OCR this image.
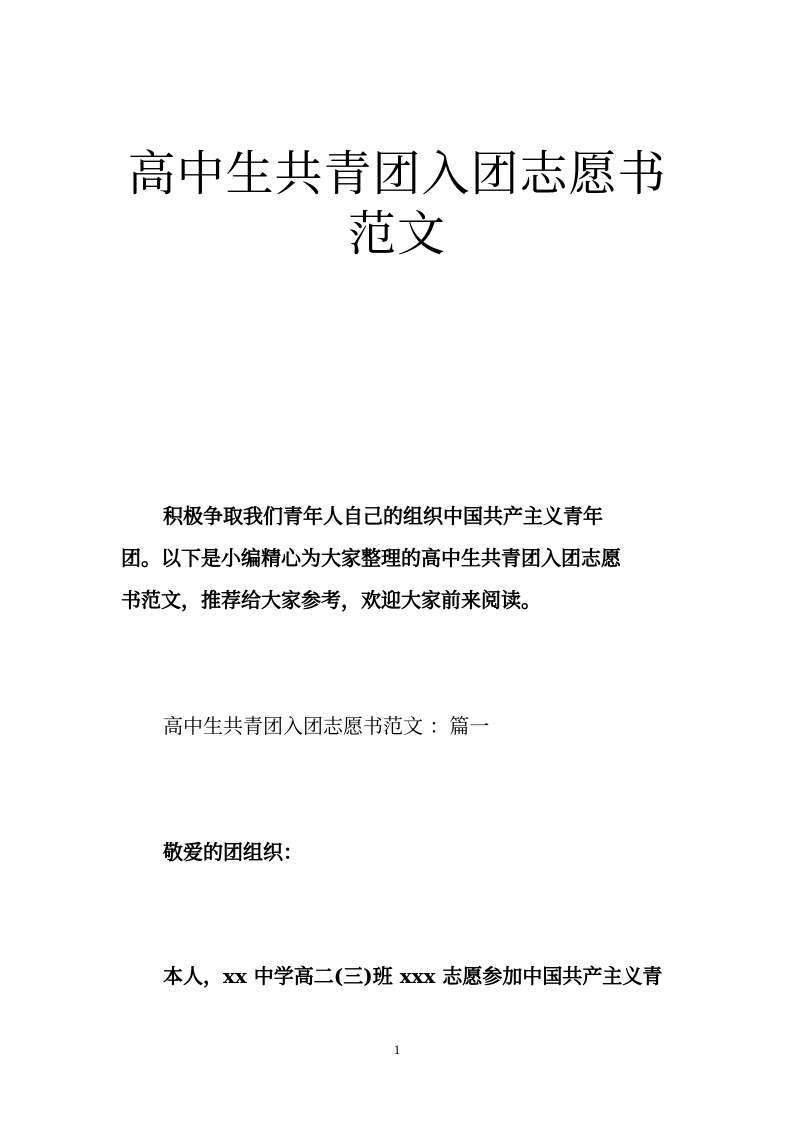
高中生共青团入团志愿书
范文

积极争取我们青年人自己的组织中国共产主义青年

团。以下是小编精心为大家整理的高中生共青团入团志愿

书范文，推荐给大家参考，欢迎大家前来阅读。

高中生共青团入团志愿书范文 ：篇一

敬爱的团组织：

本人，xx 中学高二(三)班 xxx 志愿参加中国共产主义青

1
